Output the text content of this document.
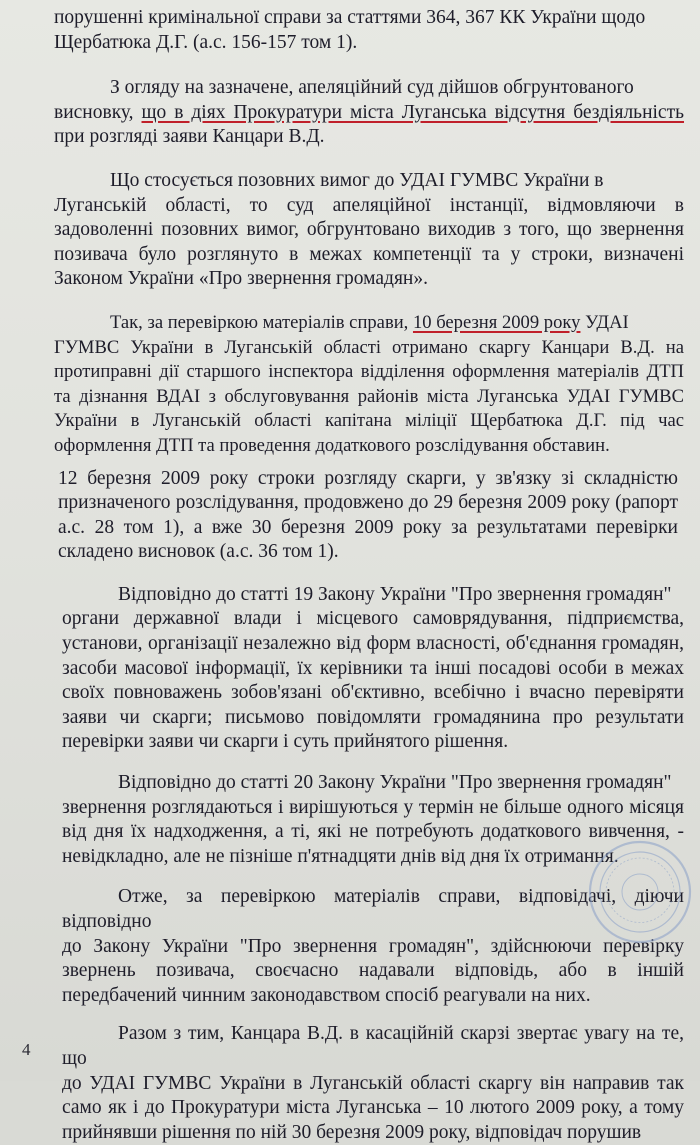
порушенні кримінальної справи за статтями 364, 367 КК України щодо
Щербатюка Д.Г. (а.с. 156-157 том 1).

З огляду на зазначене, апеляційний суд дійшов обгрунтованого
висновку, що в діях Прокуратури міста Луганська відсутня бездіяльність при розгляді заяви Канцари В.Д.

Що стосується позовних вимог до УДАІ ГУМВС України в
Луганській області, то суд апеляційної інстанції, відмовляючи в задоволенні позовних вимог, обгрунтовано виходив з того, що звернення позивача було розглянуто в межах компетенції та у строки, визначені Законом України «Про звернення громадян».

Так, за перевіркою матеріалів справи, 10 березня 2009 року УДАІ
ГУМВС України в Луганській області отримано скаргу Канцари В.Д. на протиправні дії старшого інспектора відділення оформлення матеріалів ДТП та дізнання ВДАІ з обслуговування районів міста Луганська УДАІ ГУМВС України в Луганській області капітана міліції Щербатюка Д.Г. під час оформлення ДТП та проведення додаткового розслідування обставин.

12 березня 2009 року строки розгляду скарги, у зв'язку зі складністю призначеного розслідування, продовжено до 29 березня 2009 року (рапорт а.с. 28 том 1), а вже 30 березня 2009 року за результатами перевірки складено висновок (а.с. 36 том 1).

Відповідно до статті 19 Закону України "Про звернення громадян"
органи державної влади і місцевого самоврядування, підприємства, установи, організації незалежно від форм власності, об'єднання громадян, засоби масової інформації, їх керівники та інші посадові особи в межах своїх повноважень зобов'язані об'єктивно, всебічно і вчасно перевіряти заяви чи скарги; письмово повідомляти громадянина про результати перевірки заяви чи скарги і суть прийнятого рішення.

Відповідно до статті 20 Закону України "Про звернення громадян"
звернення розглядаються і вирішуються у термін не більше одного місяця від дня їх надходження, а ті, які не потребують додаткового вивчення, - невідкладно, але не пізніше п'ятнадцяти днів від дня їх отримання.

Отже, за перевіркою матеріалів справи, відповідачі, діючи відповідно
до Закону України "Про звернення громадян", здійснюючи перевірку звернень позивача, своєчасно надавали відповідь, або в іншій передбачений чинним законодавством спосіб реагували на них.

Разом з тим, Канцара В.Д. в касаційній скарзі звертає увагу на те, що
до УДАІ ГУМВС України в Луганській області скаргу він направив так само як і до Прокуратури міста Луганська – 10 лютого 2009 року, а тому прийнявши рішення по ній 30 березня 2009 року, відповідач порушив

4
